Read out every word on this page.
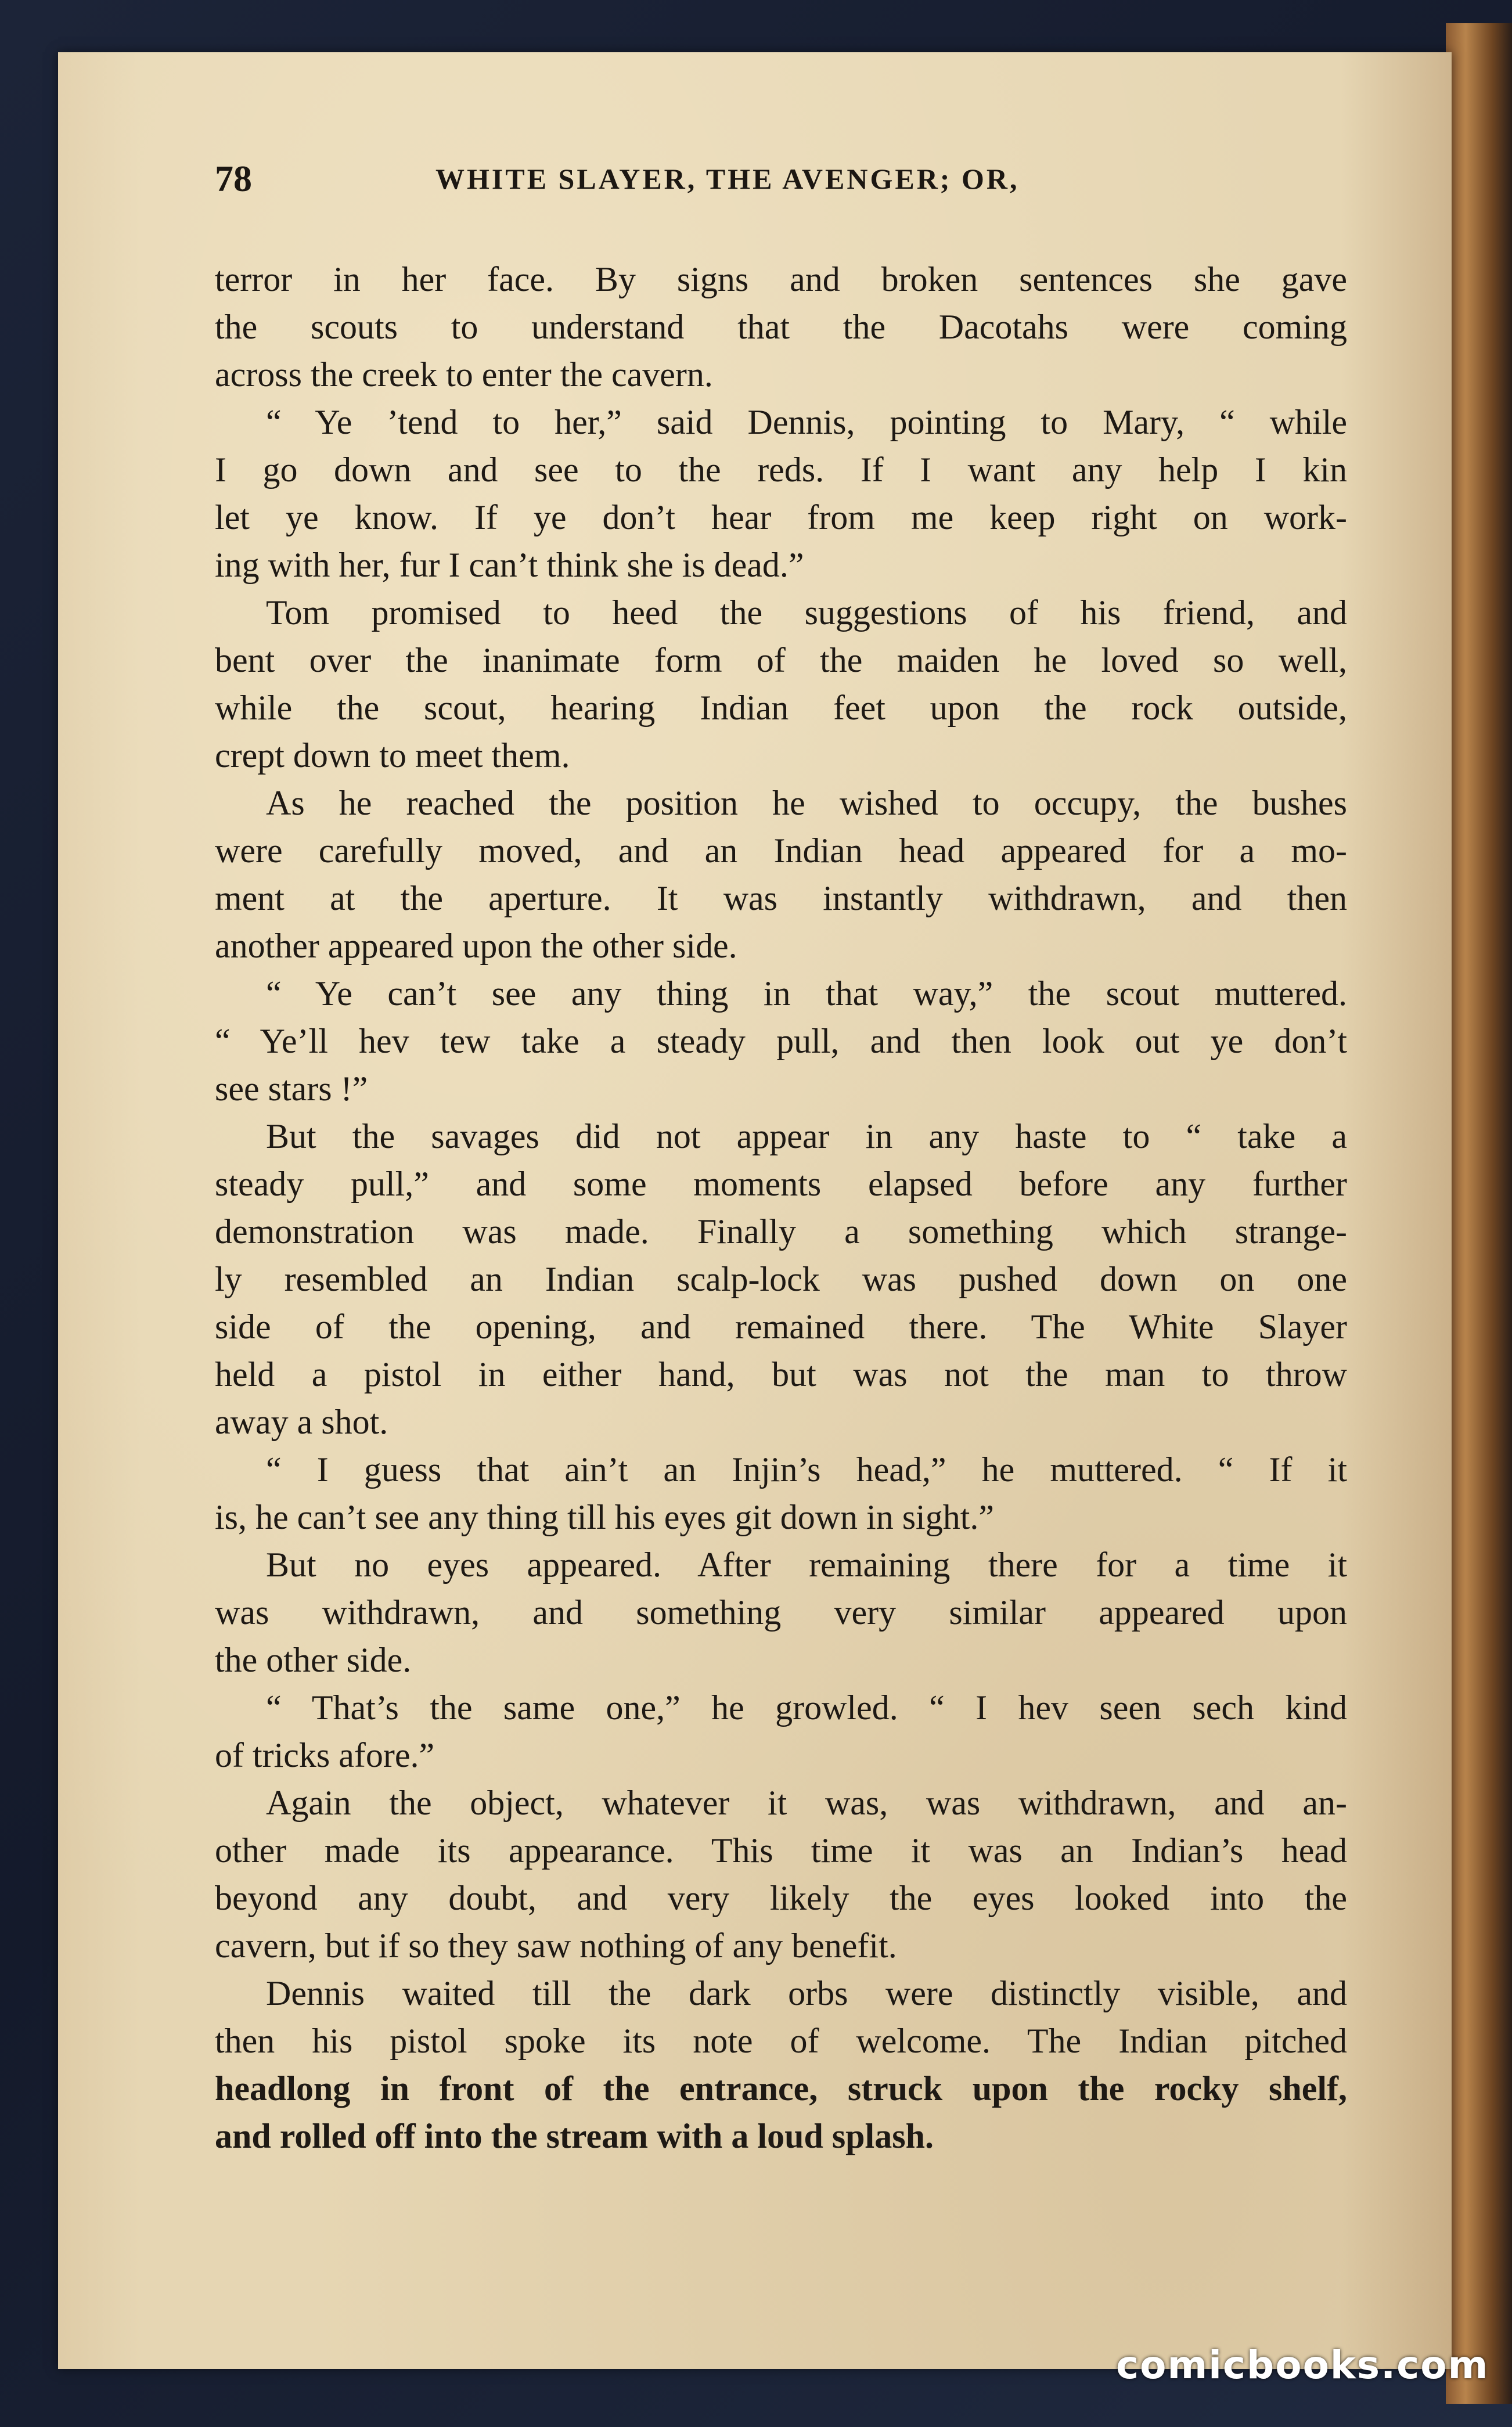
78	WHITE SLAYER, THE AVENGER; OR,
terror in her face. By signs and broken sentences she gave
the scouts to understand that the Dacotahs were coming
across the creek to enter the cavern.
“ Ye ’tend to her,” said Dennis, pointing to Mary, “ while
I go down and see to the reds. If I want any help I kin
let ye know. If ye don’t hear from me keep right on work-
ing with her, fur I can’t think she is dead.”
Tom promised to heed the suggestions of his friend, and
bent over the inanimate form of the maiden he loved so well,
while the scout, hearing Indian feet upon the rock outside,
crept down to meet them.
As he reached the position he wished to occupy, the bushes
were carefully moved, and an Indian head appeared for a mo-
ment at the aperture. It was instantly withdrawn, and then
another appeared upon the other side.
“ Ye can’t see any thing in that way,” the scout muttered.
“ Ye’ll hev tew take a steady pull, and then look out ye don’t
see stars !”
But the savages did not appear in any haste to “ take a
steady pull,” and some moments elapsed before any further
demonstration was made. Finally a something which strange-
ly resembled an Indian scalp-lock was pushed down on one
side of the opening, and remained there. The White Slayer
held a pistol in either hand, but was not the man to throw
away a shot.
“ I guess that ain’t an Injin’s head,” he muttered. “ If it
is, he can’t see any thing till his eyes git down in sight.”
But no eyes appeared. After remaining there for a time it
was withdrawn, and something very similar appeared upon
the other side.
“ That’s the same one,” he growled. “ I hev seen sech kind
of tricks afore.”
Again the object, whatever it was, was withdrawn, and an-
other made its appearance. This time it was an Indian’s head
beyond any doubt, and very likely the eyes looked into the
cavern, but if so they saw nothing of any benefit.
Dennis waited till the dark orbs were distinctly visible, and
then his pistol spoke its note of welcome. The Indian pitched
headlong in front of the entrance, struck upon the rocky shelf,
and rolled off into the stream with a loud splash.
comicbooks.com
